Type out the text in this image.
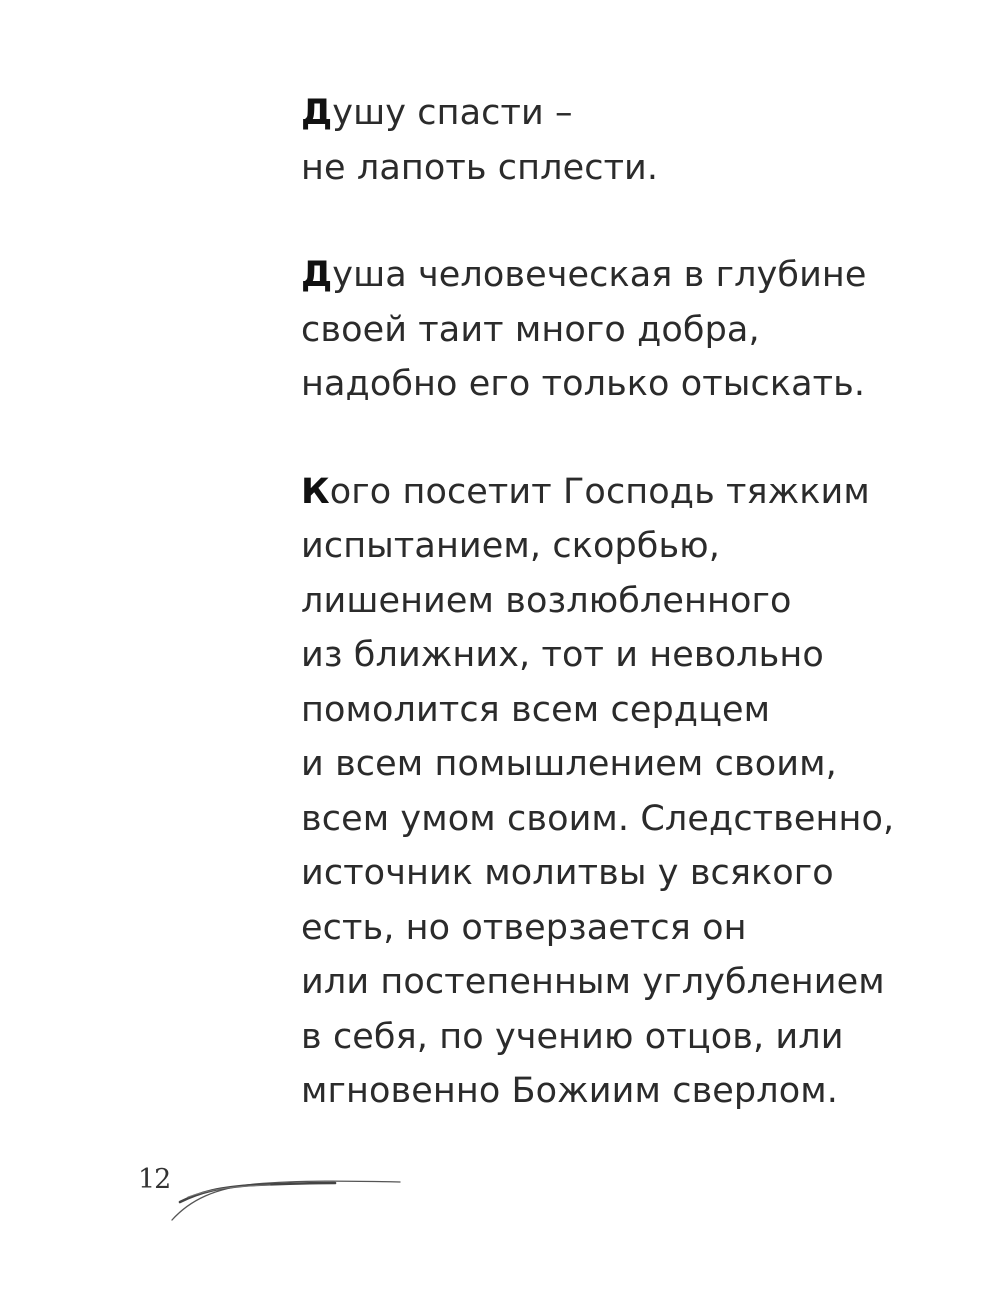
Душу спасти –
не лапоть сплести.
Душа человеческая в глубине
своей таит много добра,
надобно его только отыскать.
Кого посетит Господь тяжким
испытанием, скорбью,
лишением возлюбленного
из ближних, тот и невольно
помолится всем сердцем
и всем помышлением своим,
всем умом своим. Следственно,
источник молитвы у всякого
есть, но отверзается он
или постепенным углублением
в себя, по учению отцов, или
мгновенно Божиим сверлом.
12
